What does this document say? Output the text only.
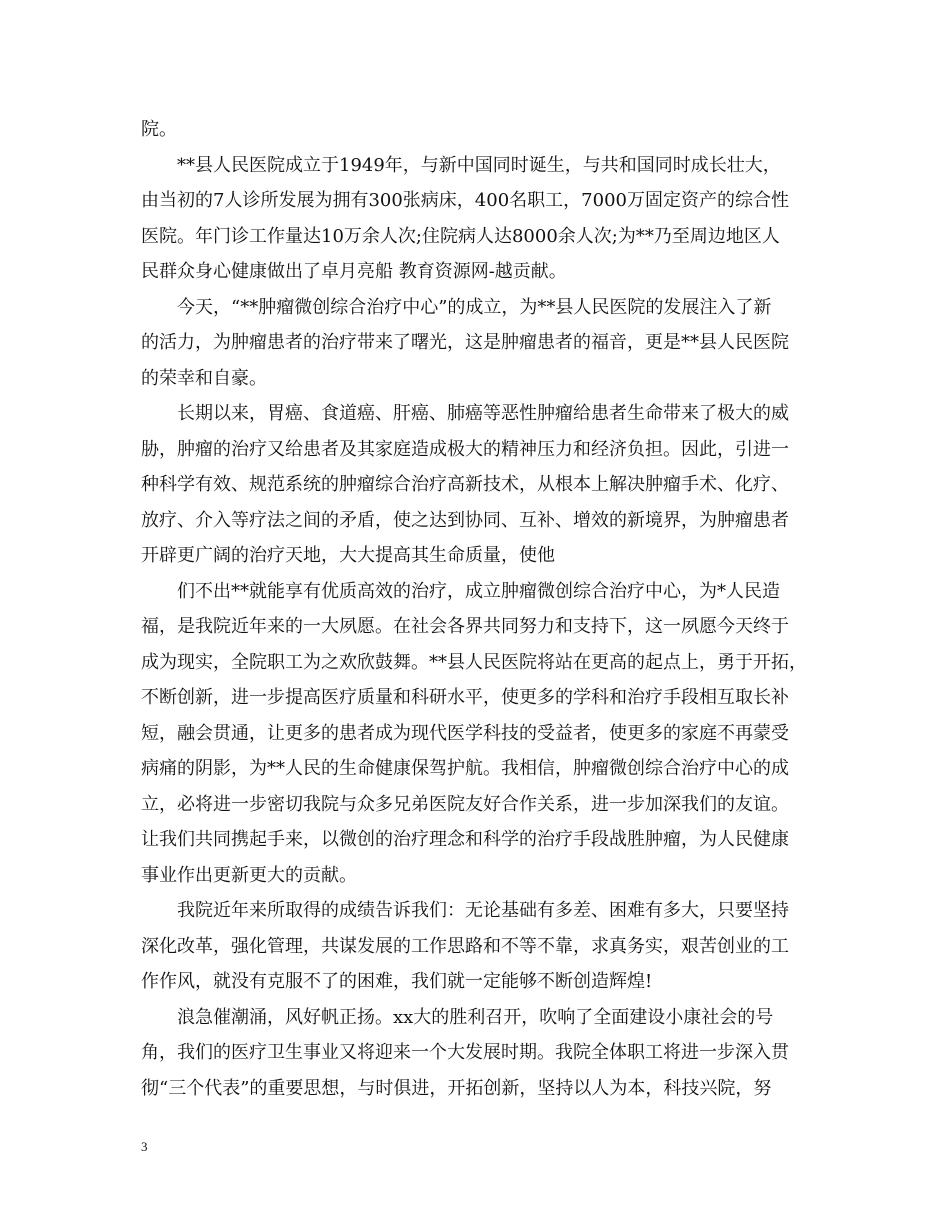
院。
**县人民医院成立于1949年，与新中国同时诞生，与共和国同时成长壮大，
由当初的7人诊所发展为拥有300张病床，400名职工，7000万固定资产的综合性
医院。年门诊工作量达10万余人次;住院病人达8000余人次;为**乃至周边地区人
民群众身心健康做出了卓月亮船 教育资源网-越贡献。
今天，“**肿瘤微创综合治疗中心”的成立，为**县人民医院的发展注入了新
的活力，为肿瘤患者的治疗带来了曙光，这是肿瘤患者的福音，更是**县人民医院
的荣幸和自豪。
长期以来，胃癌、食道癌、肝癌、肺癌等恶性肿瘤给患者生命带来了极大的威
胁，肿瘤的治疗又给患者及其家庭造成极大的精神压力和经济负担。因此，引进一
种科学有效、规范系统的肿瘤综合治疗高新技术，从根本上解决肿瘤手术、化疗、
放疗、介入等疗法之间的矛盾，使之达到协同、互补、增效的新境界，为肿瘤患者
开辟更广阔的治疗天地，大大提高其生命质量，使他
们不出**就能享有优质高效的治疗，成立肿瘤微创综合治疗中心，为*人民造
福，是我院近年来的一大夙愿。在社会各界共同努力和支持下，这一夙愿今天终于
成为现实，全院职工为之欢欣鼓舞。**县人民医院将站在更高的起点上，勇于开拓，
不断创新，进一步提高医疗质量和科研水平，使更多的学科和治疗手段相互取长补
短，融会贯通，让更多的患者成为现代医学科技的受益者，使更多的家庭不再蒙受
病痛的阴影，为**人民的生命健康保驾护航。我相信，肿瘤微创综合治疗中心的成
立，必将进一步密切我院与众多兄弟医院友好合作关系，进一步加深我们的友谊。
让我们共同携起手来，以微创的治疗理念和科学的治疗手段战胜肿瘤，为人民健康
事业作出更新更大的贡献。
我院近年来所取得的成绩告诉我们：无论基础有多差、困难有多大，只要坚持
深化改革，强化管理，共谋发展的工作思路和不等不靠，求真务实，艰苦创业的工
作作风，就没有克服不了的困难，我们就一定能够不断创造辉煌!
浪急催潮涌，风好帆正扬。xx大的胜利召开，吹响了全面建设小康社会的号
角，我们的医疗卫生事业又将迎来一个大发展时期。我院全体职工将进一步深入贯
彻“三个代表”的重要思想，与时俱进，开拓创新，坚持以人为本，科技兴院，努
3
